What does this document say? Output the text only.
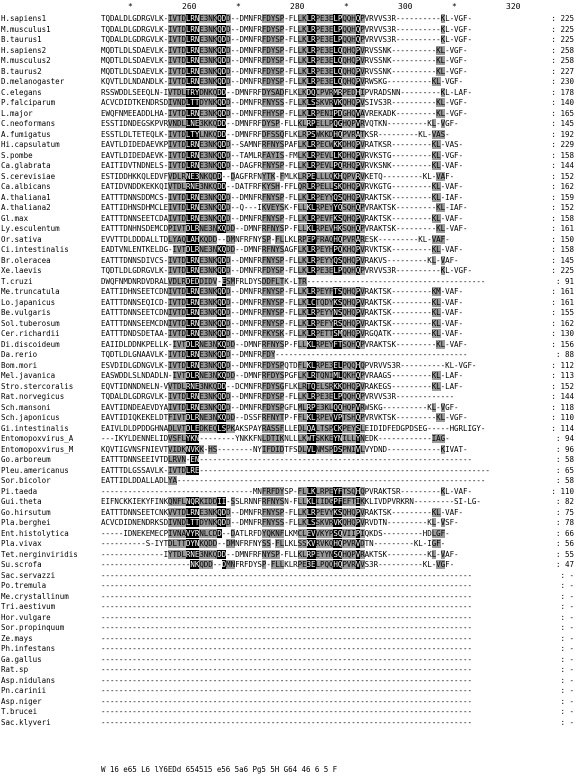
*	260	*	280	*	300	*	320
H.sapiens1	TQDALDLGDRGVLK-IVTDLRNE3NKQDD--DMNFRFDYSP-FLLKLRPE3ELPQQHQPVRVVS3R----------KL-VGF-	: 225
M.musculus1	TQDALDLGDRGVLK-IVTDLRNE3NKQDD--DMNFRFDYSP-FLLKLRPE3ELPQQHQPVRVVS3R----------KL-VGF-	: 225
B.taurus1	TQDALDLGDRGVLK-IVTDLRNE3NKQDD--DMNFRFDYSP-FLLKLRPE3ELPQQHQPVRVVS3R----------KL-VGF-	: 225
H.sapiens2	MQDTLDLSDAEVLK-IVTDLRNE3NKQDD--DMNFRFDYSP-FLLKLRPE3ELQQHQPVRVSSNK----------KL-VGF-	: 258
M.musculus2	MQDTLDLSDAEVLK-IVTDLRNE3NKQDD--DMNFRFDYSP-FLLKLRPE3ELQQHQPVRVSSNK----------KL-VGF-	: 258
B.taurus2	MQDTLDLSDAEVLK-IVTDLRNE3NKQDD--DMNFRFDYSP-FLLKLRPE3ELQQHQPVRVSSNK----------KL-VGF-	: 227
D.melanogaster	KQVTLDLNDANDLK-IVTDLRNE3NKQDD--DMNFRFDYSP-FLLKLRPE3ELQQHQPVRWSKG----------KL-VGF-	: 230
C.elegans	RSSWDDLSEEQLN-IVTDLTRYDNKQDD--DMNFRFDYSADFLKLKDQCPVRMRPEDHIPVRADSNN---------KL-LAF-	: 178
P.falciparum	ACVCDIDTKENDRSDIVNDLTTDYNKQDD--DMNFRFNYSS-FLLKLSSKVRVKQHQPVSIVS3R----------KL-VGF-	: 140
L.major	EWQFNMEEADDLHA-IVTDLRNE3NKQDD--DMNFRFHYSP-FLLKLRPENIPDGHQVAVREKADK---------KL-VGF-	: 165
C.neoformans	ESSTIDNDEGSKPVRVNDLLNE3KKQDD--DMNFRFDYSP-FLLKLRPELLPQGHQPVRVQTKN---------KL-VGF-	: 145
A.fumigatus	ESSTLDLTETEQLK-IVTDLTYLNKQDD--DMNFRFDFSSQFLKLRPSWKKDHQPVRATKSR---------KL-VAS-	: 192
Hi.capsulatum	EAVTLDIDEDAEVKPIVTDLRNE3NKQDD--SAMNFRFNYSPAFLKLRPECWKKDHQPVRATKSR---------KL-VAS-	: 229
S.pombe	EAVTLDIDEDAEVK-IVTDLRNE3NKQDD--TAMLRFAYIS-FMLKLRPEVLLKDHQPVRVKSTG---------KL-VGF-	: 158
Ca.glabrata	EAITIDVTNDNELS-IVTDLRNE3NKQDD--DAGFRFNYSP-FLLKLRPEVLPQRHQPVRVKSNK---------KL-VAF-	: 144
S.cerevisiae	ESTIDDHKKQLEDVFVDLRNE3NKQDD--DAGFRFNYTK-FMLKLRPELLLQKHQPVRVKETQ---------KL-VAF-	: 152
Ca.albicans	EATIDVNDDKEKKQIVTDLRNE3NKQDD--DATFRFKYSH-FFLQRLRPELLSKDHQPVRVKGTG---------KL-VAF-	: 162
A.thaliana1	EATTTDNNSDDMCS-IVTDLRNE3NKQDD--DMNFRFNYSP-FLLKLRPEYYQSQHQPVRAKTSK---------KL-IAF-	: 159
A.thaliana2	EATTIDHNSDHMCLEIVTDLRNE3NKQDD--Q---IKVEYSK-FLLKLRPEYYQSQHQPVRAKTSK---------KL-IAF-	: 152
Gl.max	EATTTDNNSEETCDAIVTDLRNE3NKQDD--DMNFRFNYSP-FLLKLRPEVFKSQHQPVRAKTSK---------KL-VAF-	: 158
Ly.esculentum	EATTTDNHNSDEMCDPIVTDLRNE3NKQDD--DMNFRFNYSP-FLLKLRPEVHKSQHQPVRAKTSK---------KL-VAF-	: 161
Or.sativa	EVVTTDLDDDALLTDLYAQLAHKQDD--DMNFRFNYSP-FLLKLRPEPFRAQHQPVRARESK---------KL-VAF-	: 150
Ci.intestinalis	EADTVNLENTKELDG-IVTDLRNE3NKQDD--DMNFRFNYSAGFLKLRPEYHPQKHQPVRVKTSK---------KL-VAF-	: 158
Br.oleracea	EATTTDNNSDIVCS-IVTDLRNE3NKQDD--DMNFRFNYSP-FLLKLRPEYYQSQHQPVRAKVS---------KL-VAF-	: 145
Xe.laevis	TQDTLDLGDRGVLK-IVTDLRNE3NKQDD--DMNFRFDYSP-FLLKLRPE3ELPQQHQPVRVVS3R----------KL-VGF-	: 225
T.cruzi	DWQFNMDNRDVDRALVDLRDEDDIDV-ESMFRLDYSDDFLTK-LTR----------------------------------------	: 91
Me.truncatula	EATTIDHNSEETCDNIVTDLRNE3NKQDD--DMNFRFNYSP-FLLKLRPEYFTSQHQPVRAKTSK---------KM-VAF-	: 161
Lo.japanicus	EATTTDNNSEQICD-IVTDLRNE3NKQDD--DMNFRFNYSP-FLLKLCTQDYKSQHQPVRAKTSK---------KL-VAF-	: 161
Be.vulgaris	EATTTDNNSEETCDNIVTDLRNE3NKQDD--DMNFRFNYSP-FLLKLRPEYYNSQHQPVRAKTSK---------KL-VAF-	: 155
Sol.tuberosum	EATTTDNNSEEMCDNIVTDLRNE3NKQDD--DMNFRFNYSP-FLLKLRPEFYRSQHQPVRAKTSK---------KL-VAF-	: 162
Cer.richardii	EATTTDNDSDETAA-IVTDLRNE3NKQDD--DMNFRFKYSK-FLLKLRPETTSMQHQPVRGQATK---------KL-VAF-	: 130
Di.discoideum	EAIIDLDDNKPELLK-IVTDLRNE3NKQDD--DMNFRFNYSP-FLLKLRPEYFTSQHQPVRAKTSK---------KL-VAF-	: 156
Da.rerio	TQDTLDLGNAAVLK-IVTDLRNE3NKQDD--DMNFRFDY-------------------------------------------	: 88
Bom.mori	ESVDIDLGDNGVLK-IVTDLRNE3NKQDD--DMNFRFDYSPQTDFLKLRPE3ELPQQHQPVRVVS3R----------KL-VGF-	: 112
Mel.javanica	EASWDDLSLNDADLN-IVTDLRNE3NKQDD--DMNFRFDYSPGFLKLRTQNIMLQKHQPVRAAGS---------KL-LAF-	: 113
Stro.stercoralis	EQVTIDNNDNELN-VVTDLRNE3NKQDD--DCMNFRFDYSGFLKLRTQELSRKKDHQPVRAKEGS---------KL-LAF-	: 152
Rat.norvegicus	TQDALDLGDRGVLK-IVTDLRNE3NKQDD--DMNFRFDYSP-FLLKLRPE3ELPQQHQPVRVVS3R-------------	: 144
Sch.mansoni	EAVTIDNDEAEVDYAIVTDLRNE3NKQDD--DMNFRFDYSPGFLMLRPE3KLQQHQPVRWSKG----------KL-VGF-	: 118
Sch.japonicus	EAVTIDIQKEKELDTFIVTDLRNE3NKQDD--DSSFRFNYTP-FFLKLRPEVVPTSHQPVRVKTSK---------KL-VGF-	: 110
Gi.intestinalis	EAIVLDLDPDDGHNADLVTDLEDKEQLSPKAKSPAYRASSFLLEDLQALTSPCKPEYSLEIDIDFEDGPDSEG-----HGRLIGY-	: 114
Entomopoxvirus_A	---IKYLDENNELIDVSFLYKN--------YNKKFNLDTIKNLLLKWTSKKEYNILLYNEDK------------IAG-	: 94
Entomopoxvirus_M	KQVTIGVNSFNIEVTVIDKNVKK-HS--------NYIFDIDTFSDLVLNMSPDSPNIVLVYDND------------KIVAT-	: 96
Go.arboreum	EATTTDNNSEEIVTDLRVN-EN-------------------------------------------------------------	: 58
Pleu.americanus	EATTTDLGSSAVLK-IVTDLRE-----------------------------------------------------------------	: 65
Sor.bicolor	EATTIDLDDALLADLYA---------------------------------------------------------------------	: 58
Pi.taeda	----------------------------------MNFRFDYSP-FLLKLRPEYFTSQHQPVRAKTSR---------KL-VAF-	: 110
Gui.theta	EIFNCKKIEKYFINKQNFLNQRKIDDII-SSLRNNFRFNYSN-FLLKLIIDGPFEFTIKKLIVDPVRKRN---------SI-LG-	: 82
Go.hirsutum	EATTTDNNSEETCNKVVTDLRNE3NKQDD--DMNFRFNYSP-FLLKLRPEVYKSQHQPVRAKTSK---------KL-VAF-	: 75
Pla.berghei	ACVCDIDNENDRKSDIVNDLTTDYNKQDD--DMNFRFNYSS-FLLKLSSKVRVKQHQPVRVDTN---------KL-VSF-	: 78
Ent.histolytica	-----IDNEKEMECPIVNAVYRNLCDD--DATLRFDYQKNFLKMCLEVVKYPSQVIIPIQKDS---------HDLGF-	: 66
Pla.vivax	----------S-IYTDLTTDYNKQDD--DMNFRFNYSS-FLLKLSSKVRVKQHQPVRVDTN---------KL-IGF-	: 56
Tet.nerginviridis	--------------IYTDLRNE3NKQDD--DMNFRFNYSP-FLLKLRPEYYNSQHQPVRAKTSK---------KL-VAF-	: 55
Su.scrofa	--------------------NKQDD--DMNFRFDYSP-FLLKLRPE3ELPQQHQPVRVVS3R----------KL-VGF-	: 47
Sac.servazzi	-----------------------------------------------------------------------------------	: -
Po.tremula	-----------------------------------------------------------------------------------	: -
Me.crystallinum	-----------------------------------------------------------------------------------	: -
Tri.aestivum	-----------------------------------------------------------------------------------	: -
Hor.vulgare	-----------------------------------------------------------------------------------	: -
Sor.propinquum	-----------------------------------------------------------------------------------	: -
Ze.mays	-----------------------------------------------------------------------------------	: -
Ph.infestans	-----------------------------------------------------------------------------------	: -
Ga.gallus	-----------------------------------------------------------------------------------	: -
Rat.sp	-----------------------------------------------------------------------------------	: -
Asp.nidulans	-----------------------------------------------------------------------------------	: -
Pn.carinii	-----------------------------------------------------------------------------------	: -
Asp.niger	-----------------------------------------------------------------------------------	: -
T.brucei	-----------------------------------------------------------------------------------	: -
Sac.klyveri	-----------------------------------------------------------------------------------	: -
W 16 e65 L6 lY6EDd 654515 e56 5a6 Pg5 5H G64 46 6 5 F
